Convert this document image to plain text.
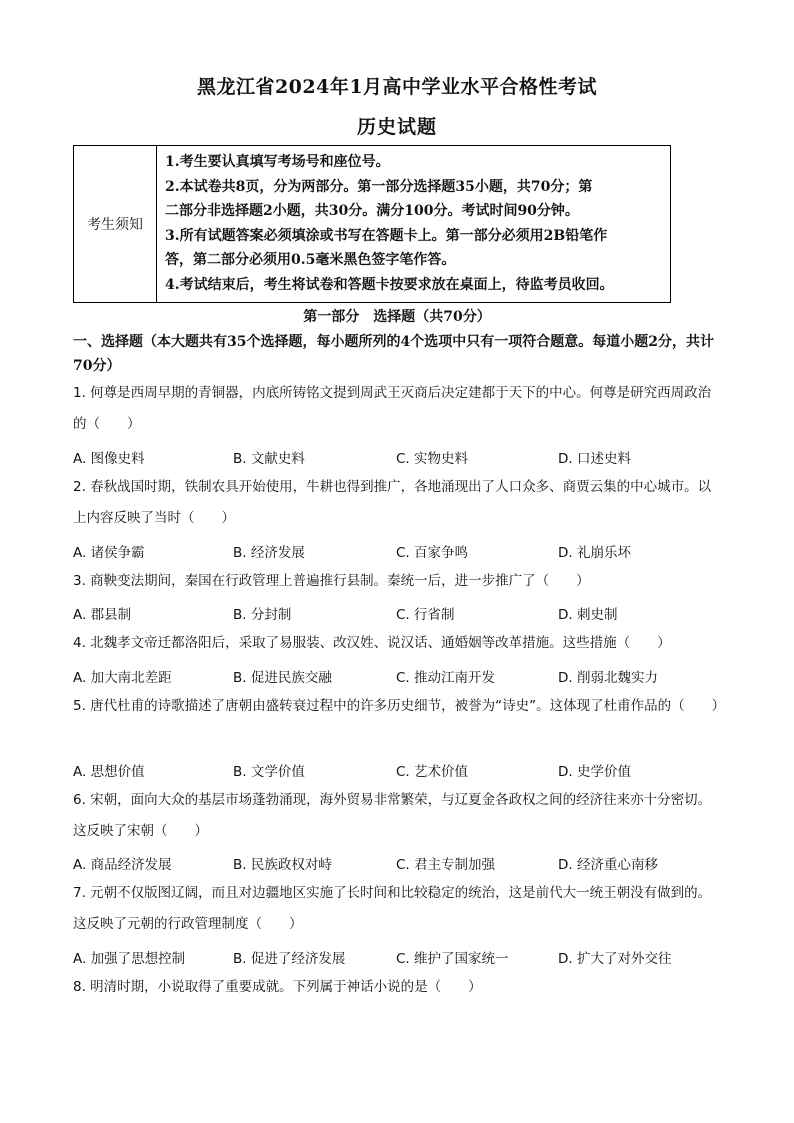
黑龙江省2024年1月高中学业水平合格性考试
历史试题
考生须知
1.考生要认真填写考场号和座位号。
2.本试卷共8页，分为两部分。第一部分选择题35小题，共70分；第
二部分非选择题2小题，共30分。满分100分。考试时间90分钟。
3.所有试题答案必须填涂或书写在答题卡上。第一部分必须用2B铅笔作
答，第二部分必须用0.5毫米黑色签字笔作答。
4.考试结束后，考生将试卷和答题卡按要求放在桌面上，待监考员收回。
第一部分　选择题（共70分）
一、选择题（本大题共有35个选择题，每小题所列的4个选项中只有一项符合题意。每道小题2分，共计70分）
1. 何尊是西周早期的青铜器，内底所铸铭文提到周武王灭商后决定建都于天下的中心。何尊是研究西周政治的（　　）
A. 图像史料	B. 文献史料	C. 实物史料	D. 口述史料
2. 春秋战国时期，铁制农具开始使用，牛耕也得到推广，各地涌现出了人口众多、商贾云集的中心城市。以上内容反映了当时（　　）
A. 诸侯争霸	B. 经济发展	C. 百家争鸣	D. 礼崩乐坏
3. 商鞅变法期间，秦国在行政管理上普遍推行县制。秦统一后，进一步推广了（　　）
A. 郡县制	B. 分封制	C. 行省制	D. 刺史制
4. 北魏孝文帝迁都洛阳后，采取了易服装、改汉姓、说汉话、通婚姻等改革措施。这些措施（　　）
A. 加大南北差距	B. 促进民族交融	C. 推动江南开发	D. 削弱北魏实力
5. 唐代杜甫的诗歌描述了唐朝由盛转衰过程中的许多历史细节，被誉为“诗史”。这体现了杜甫作品的（　　）
A. 思想价值	B. 文学价值	C. 艺术价值	D. 史学价值
6. 宋朝，面向大众的基层市场蓬勃涌现，海外贸易非常繁荣，与辽夏金各政权之间的经济往来亦十分密切。这反映了宋朝（　　）
A. 商品经济发展	B. 民族政权对峙	C. 君主专制加强	D. 经济重心南移
7. 元朝不仅版图辽阔，而且对边疆地区实施了长时间和比较稳定的统治，这是前代大一统王朝没有做到的。这反映了元朝的行政管理制度（　　）
A. 加强了思想控制	B. 促进了经济发展	C. 维护了国家统一	D. 扩大了对外交往
8. 明清时期，小说取得了重要成就。下列属于神话小说的是（　　）
